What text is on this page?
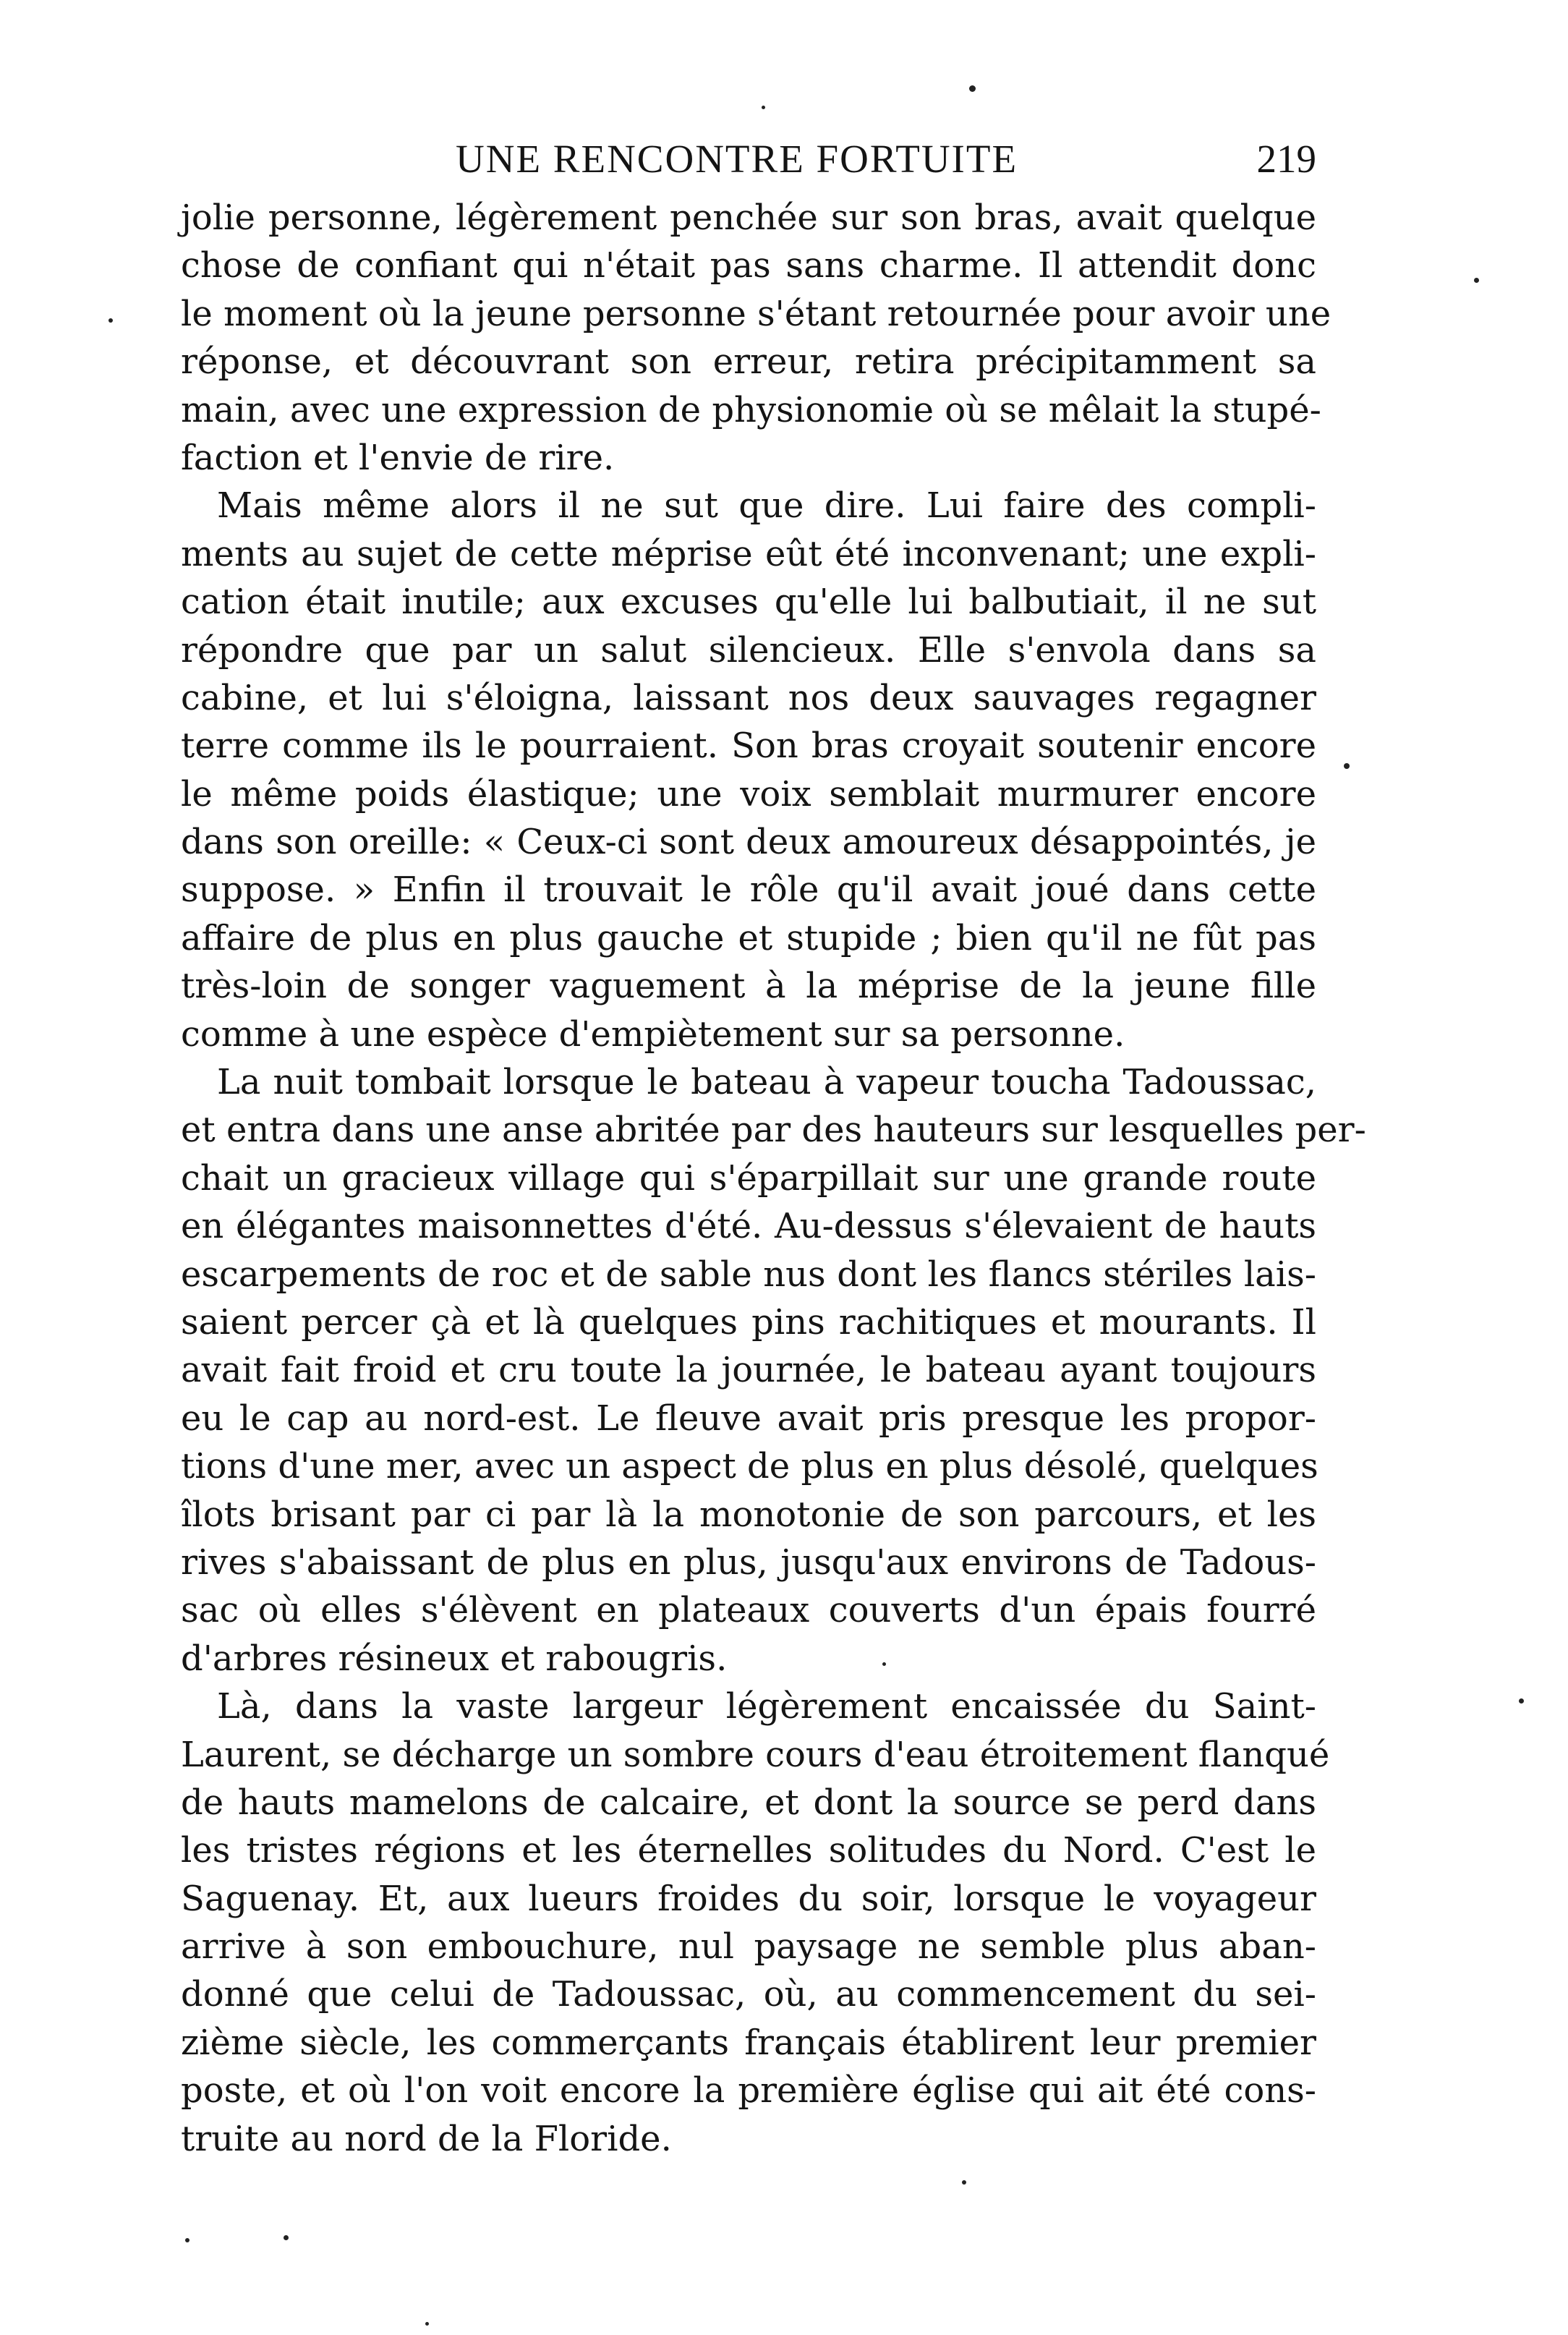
UNE RENCONTRE FORTUITE	219
jolie personne, légèrement penchée sur son bras, avait quelque
chose de confiant qui n'était pas sans charme. Il attendit donc
le moment où la jeune personne s'étant retournée pour avoir une
réponse, et découvrant son erreur, retira précipitamment sa
main, avec une expression de physionomie où se mêlait la stupé-
faction et l'envie de rire.
Mais même alors il ne sut que dire. Lui faire des compli-
ments au sujet de cette méprise eût été inconvenant; une expli-
cation était inutile; aux excuses qu'elle lui balbutiait, il ne sut
répondre que par un salut silencieux. Elle s'envola dans sa
cabine, et lui s'éloigna, laissant nos deux sauvages regagner
terre comme ils le pourraient. Son bras croyait soutenir encore
le même poids élastique; une voix semblait murmurer encore
dans son oreille: « Ceux-ci sont deux amoureux désappointés, je
suppose. » Enfin il trouvait le rôle qu'il avait joué dans cette
affaire de plus en plus gauche et stupide ; bien qu'il ne fût pas
très-loin de songer vaguement à la méprise de la jeune fille
comme à une espèce d'empiètement sur sa personne.
La nuit tombait lorsque le bateau à vapeur toucha Tadoussac,
et entra dans une anse abritée par des hauteurs sur lesquelles per-
chait un gracieux village qui s'éparpillait sur une grande route
en élégantes maisonnettes d'été. Au-dessus s'élevaient de hauts
escarpements de roc et de sable nus dont les flancs stériles lais-
saient percer çà et là quelques pins rachitiques et mourants. Il
avait fait froid et cru toute la journée, le bateau ayant toujours
eu le cap au nord-est. Le fleuve avait pris presque les propor-
tions d'une mer, avec un aspect de plus en plus désolé, quelques
îlots brisant par ci par là la monotonie de son parcours, et les
rives s'abaissant de plus en plus, jusqu'aux environs de Tadous-
sac où elles s'élèvent en plateaux couverts d'un épais fourré
d'arbres résineux et rabougris.
Là, dans la vaste largeur légèrement encaissée du Saint-
Laurent, se décharge un sombre cours d'eau étroitement flanqué
de hauts mamelons de calcaire, et dont la source se perd dans
les tristes régions et les éternelles solitudes du Nord. C'est le
Saguenay. Et, aux lueurs froides du soir, lorsque le voyageur
arrive à son embouchure, nul paysage ne semble plus aban-
donné que celui de Tadoussac, où, au commencement du sei-
zième siècle, les commerçants français établirent leur premier
poste, et où l'on voit encore la première église qui ait été cons-
truite au nord de la Floride.
